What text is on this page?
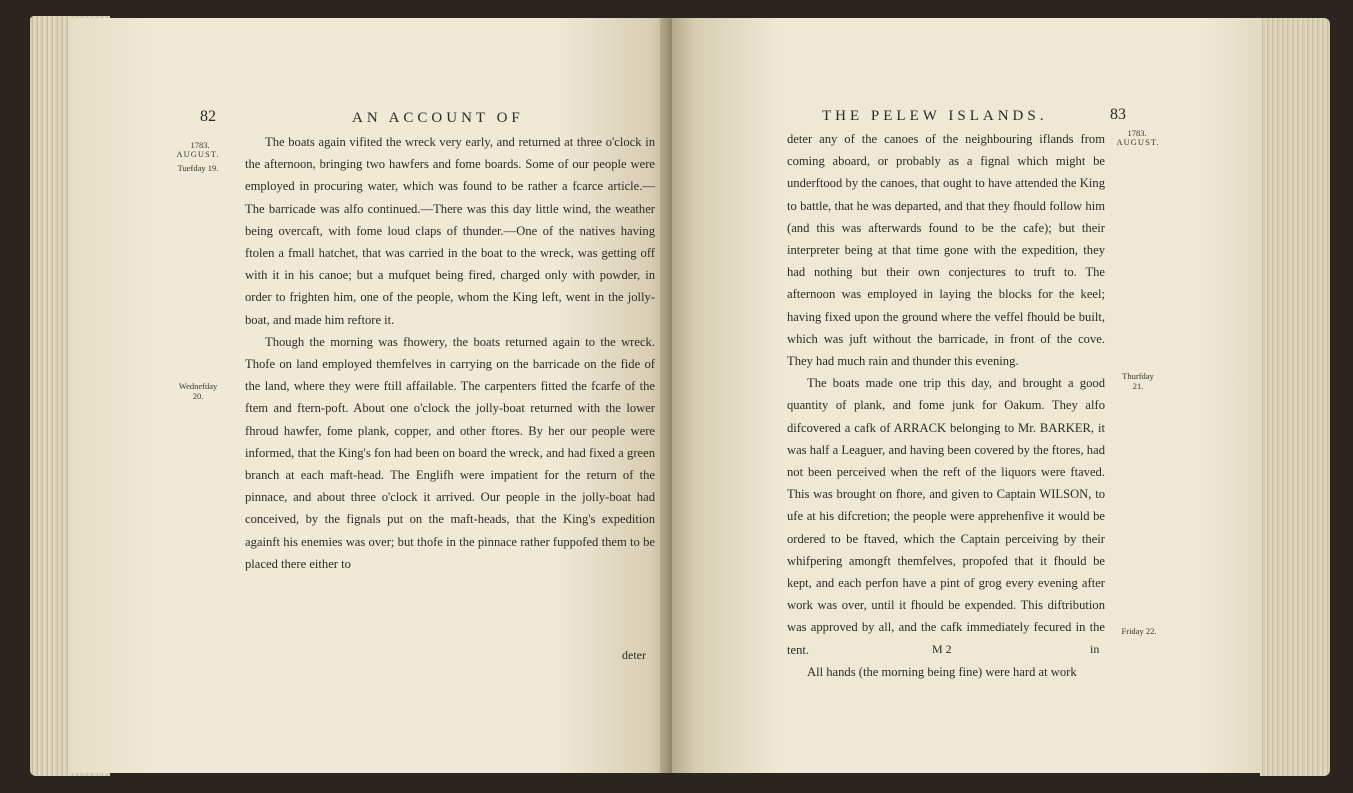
82	AN ACCOUNT OF
1783.
AUGUST.
Tuefday 19.
Wednefday
20.

The boats again vifited the wreck very early, and returned at three o'clock in the afternoon, bringing two hawfers and fome boards. Some of our people were employed in procuring water, which was found to be rather a fcarce article.—The barricade was alfo continued.—There was this day little wind, the weather being overcaft, with fome loud claps of thunder.—One of the natives having ftolen a fmall hatchet, that was carried in the boat to the wreck, was getting off with it in his canoe; but a mufquet being fired, charged only with powder, in order to frighten him, one of the people, whom the King left, went in the jolly-boat, and made him reftore it.

Though the morning was fhowery, the boats returned again to the wreck. Thofe on land employed themfelves in carrying on the barricade on the fide of the land, where they were ftill affailable. The carpenters fitted the fcarfe of the ftem and ftern-poft. About one o'clock the jolly-boat returned with the lower fhroud hawfer, fome plank, copper, and other ftores. By her our people were informed, that the King's fon had been on board the wreck, and had fixed a green branch at each maft-head. The Englifh were impatient for the return of the pinnace, and about three o'clock it arrived. Our people in the jolly-boat had conceived, by the fignals put on the maft-heads, that the King's expedition againft his enemies was over; but thofe in the pinnace rather fuppofed them to be placed there either to

deter
THE PELEW ISLANDS.	83
1783.
AUGUST.
Thurfday
21.
Friday 22.

deter any of the canoes of the neighbouring iflands from coming aboard, or probably as a fignal which might be underftood by the canoes, that ought to have attended the King to battle, that he was departed, and that they fhould follow him (and this was afterwards found to be the cafe); but their interpreter being at that time gone with the expedition, they had nothing but their own conjectures to truft to. The afternoon was employed in laying the blocks for the keel; having fixed upon the ground where the veffel fhould be built, which was juft without the barricade, in front of the cove. They had much rain and thunder this evening.

The boats made one trip this day, and brought a good quantity of plank, and fome junk for Oakum. They alfo difcovered a cafk of ARRACK belonging to Mr. BARKER, it was half a Leaguer, and having been covered by the ftores, had not been perceived when the reft of the liquors were ftaved. This was brought on fhore, and given to Captain WILSON, to ufe at his difcretion; the people were apprehenfive it would be ordered to be ftaved, which the Captain perceiving by their whifpering amongft themfelves, propofed that it fhould be kept, and each perfon have a pint of grog every evening after work was over, until it fhould be expended. This diftribution was approved by all, and the cafk immediately fecured in the tent.

All hands (the morning being fine) were hard at work

M 2	in
